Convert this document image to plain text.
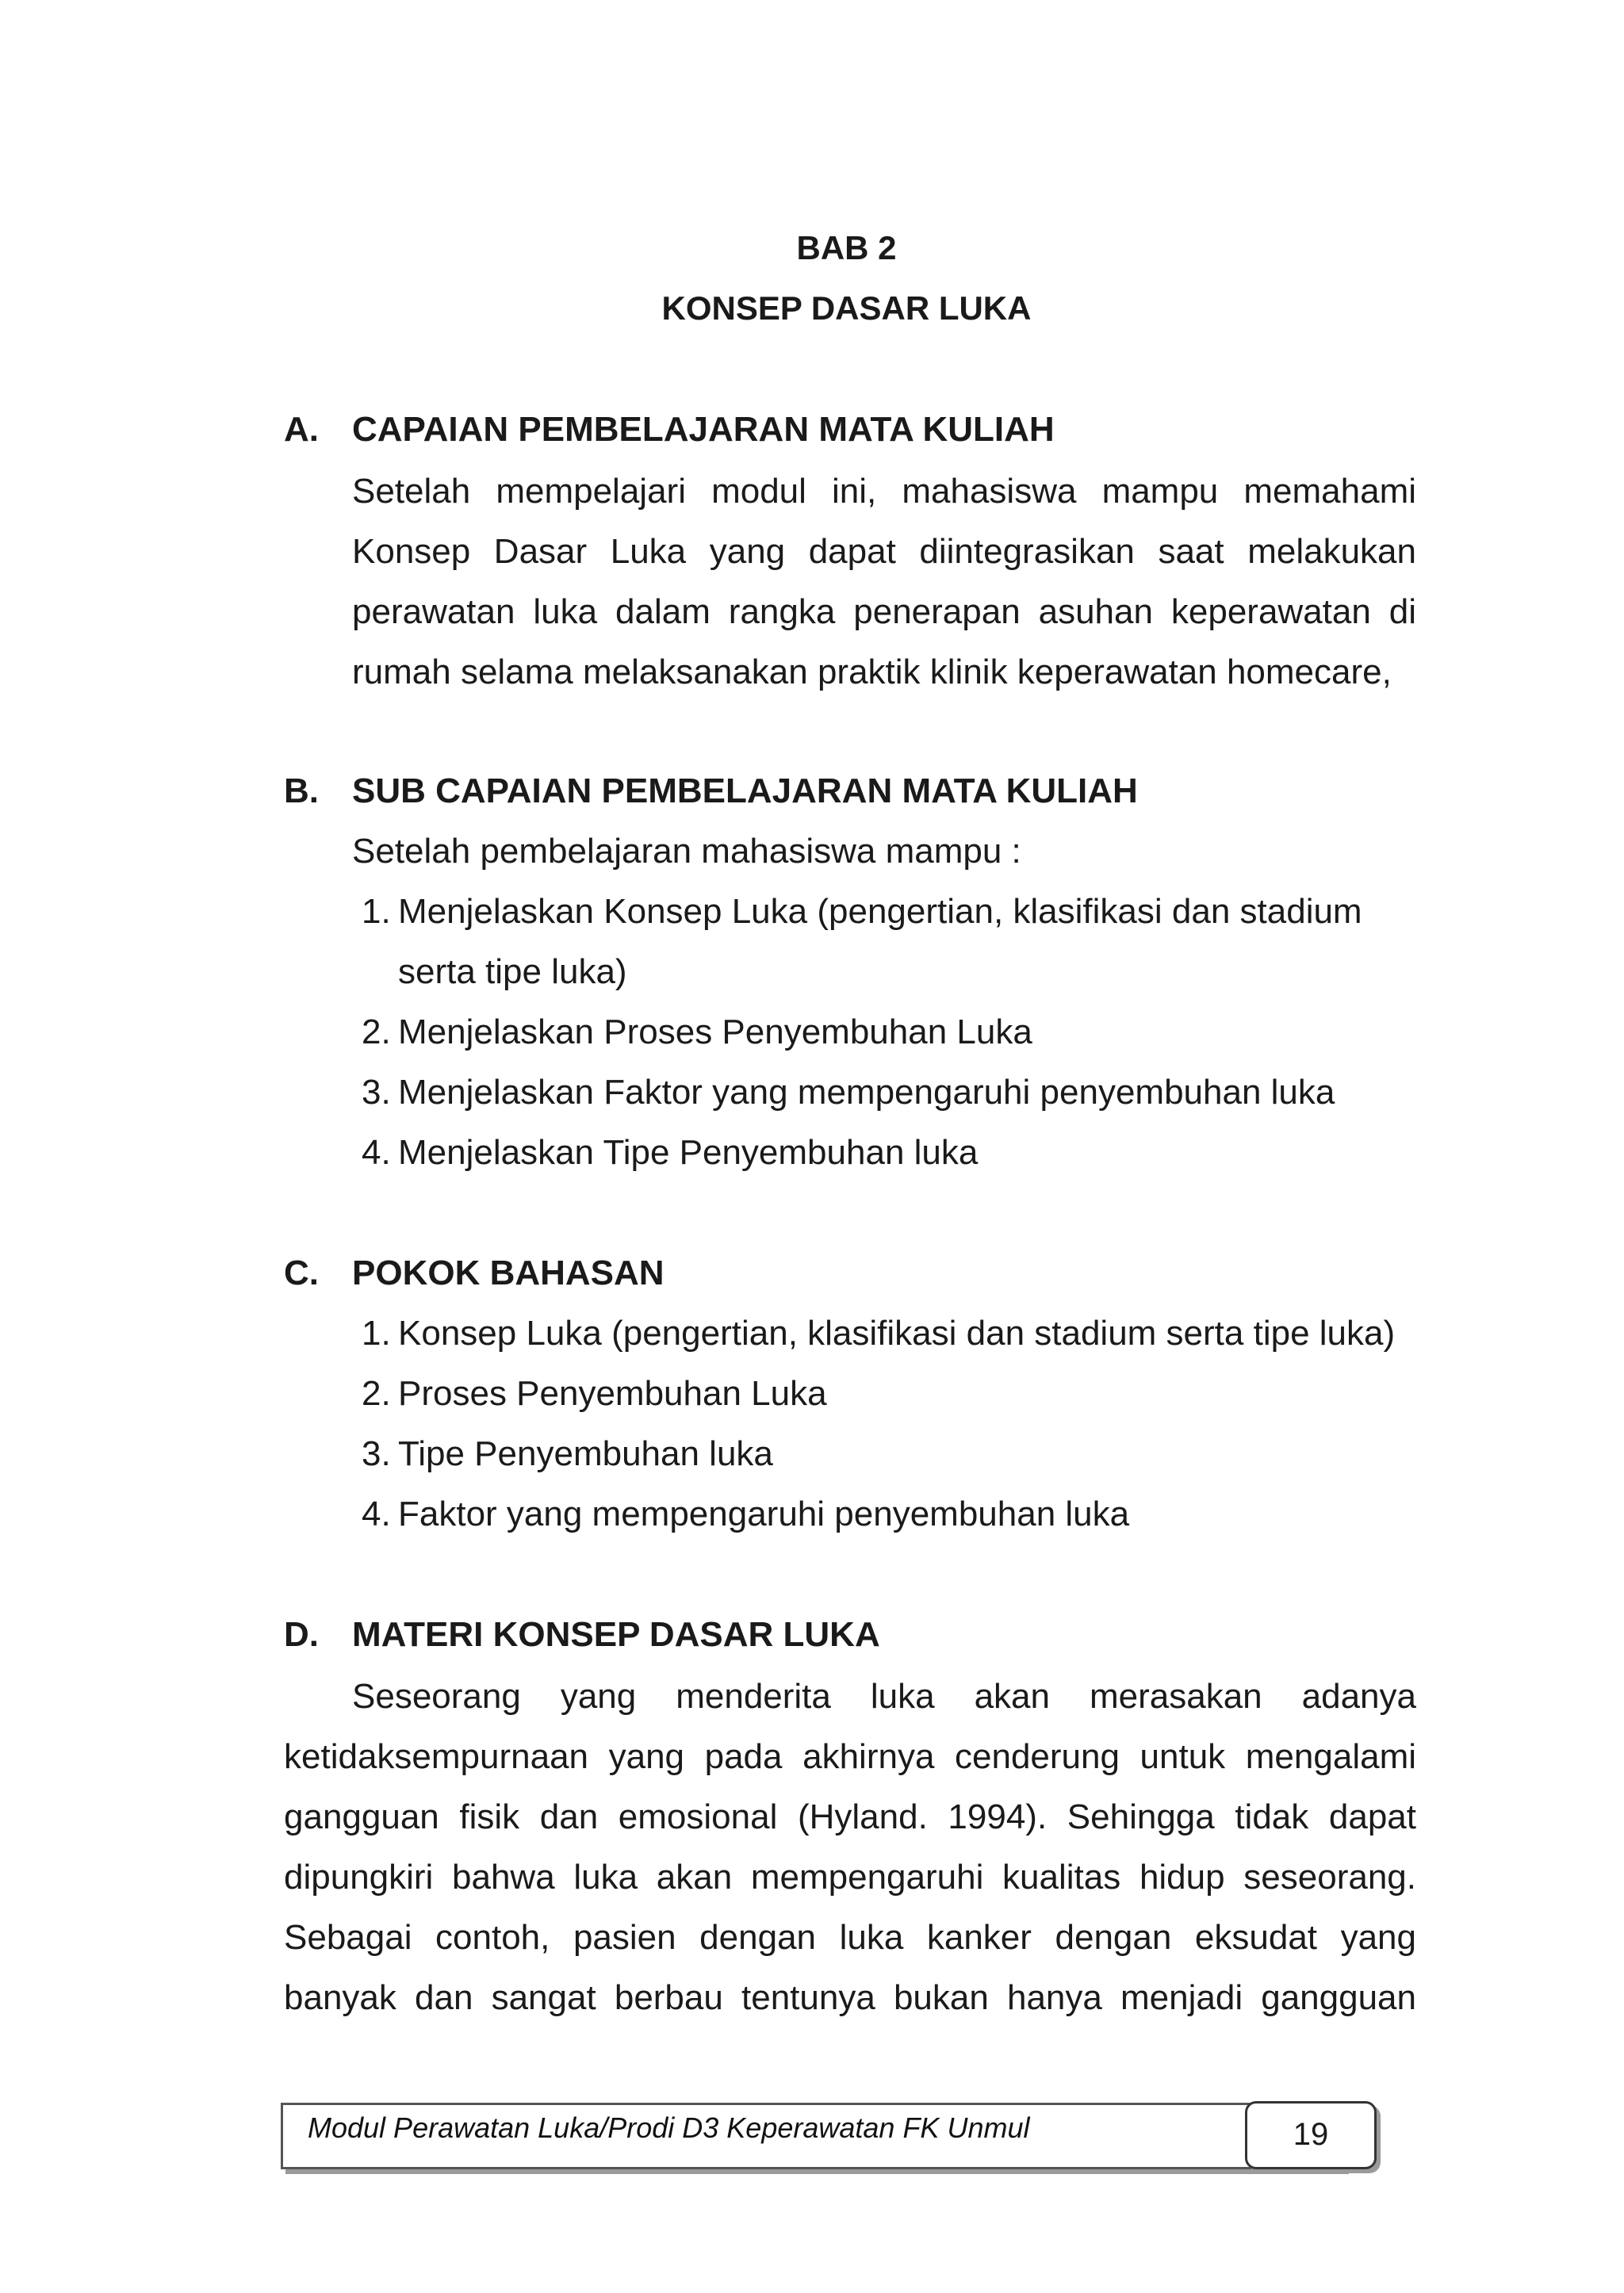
BAB 2
KONSEP DASAR LUKA
A. CAPAIAN PEMBELAJARAN MATA KULIAH
Setelah mempelajari modul ini, mahasiswa mampu memahami
Konsep Dasar Luka yang dapat diintegrasikan saat melakukan
perawatan luka dalam rangka penerapan asuhan keperawatan di
rumah selama melaksanakan praktik klinik keperawatan homecare,
B. SUB CAPAIAN PEMBELAJARAN MATA KULIAH
Setelah pembelajaran mahasiswa mampu :
1. Menjelaskan Konsep Luka (pengertian, klasifikasi dan stadium
serta tipe luka)
2. Menjelaskan Proses Penyembuhan Luka
3. Menjelaskan Faktor yang mempengaruhi penyembuhan luka
4. Menjelaskan Tipe Penyembuhan luka
C. POKOK BAHASAN
1. Konsep Luka (pengertian, klasifikasi dan stadium serta tipe luka)
2. Proses Penyembuhan Luka
3. Tipe Penyembuhan luka
4. Faktor yang mempengaruhi penyembuhan luka
D. MATERI KONSEP DASAR LUKA
Seseorang yang menderita luka akan merasakan adanya
ketidaksempurnaan yang pada akhirnya cenderung untuk mengalami
gangguan fisik dan emosional (Hyland. 1994). Sehingga tidak dapat
dipungkiri bahwa luka akan mempengaruhi kualitas hidup seseorang.
Sebagai contoh, pasien dengan luka kanker dengan eksudat yang
banyak dan sangat berbau tentunya bukan hanya menjadi gangguan
Modul Perawatan Luka/Prodi D3 Keperawatan FK Unmul	19
